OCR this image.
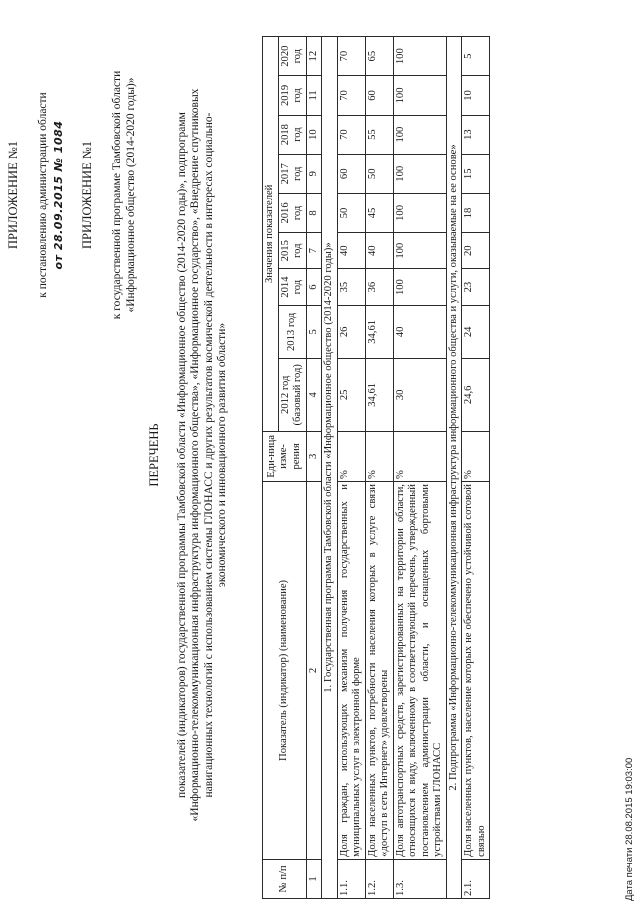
ПРИЛОЖЕНИЕ №1 к постановлению администрации области от 28.09.2015 № 1084 ПРИЛОЖЕНИЕ №1 к государственной программе Тамбовской области «Информационное общество (2014-2020 годы)»
ПЕРЕЧЕНЬ показателей (индикаторов) государственной программы Тамбовской области «Информационное общество (2014-2020 годы)», подпрограмм «Информационно-телекоммуникационная инфраструктура информационного общества», «Информационное государство», «Внедрение спутниковых навигационных технологий с использованием системы ГЛОНАСС и других результатов космической деятельности в интересах социально- экономического и инновационного развития области»
№ п/п	Показатель (индикатор) (наименование)	Еди-ница изме-рения	Значения показателей								
			2012 год (базовый год)	2013 год	2014 год	2015 год	2016 год	2017 год	2018 год	2019 год	2020 год
1	2	3	4	5	6	7	8	9	10	11	12
1. Государственная программа Тамбовской области «Информационное общество (2014-2020 годы)»											
1.1.	Доля граждан, использующих механизм получения государственных и муниципальных услуг в электронной форме	%	25	26	35	40	50	60	70	70	70
1.2.	Доля населенных пунктов, потребности населения которых в услуге связи «доступ в сеть Интернет» удовлетворены	%	34,61	34,61	36	40	45	50	55	60	65
1.3.	Доля автотранспортных средств, зарегистрированных на территории области, относящихся к виду, включенному в соответствующий перечень, утвержденный постановлением администрации области, и оснащенных бортовыми устройствами ГЛОНАСС	%	30	40	100	100	100	100	100	100	100
2. Подпрограмма «Информационно-телекоммуникационная инфраструктура информационного общества и услуги, оказываемые на ее основе»											
2.1.	Доля населенных пунктов, население которых не обеспечено устойчивой сотовой связью	%	24,6	24	23	20	18	15	13	10	5
Дата печати 28.08.2015 19:03:00
